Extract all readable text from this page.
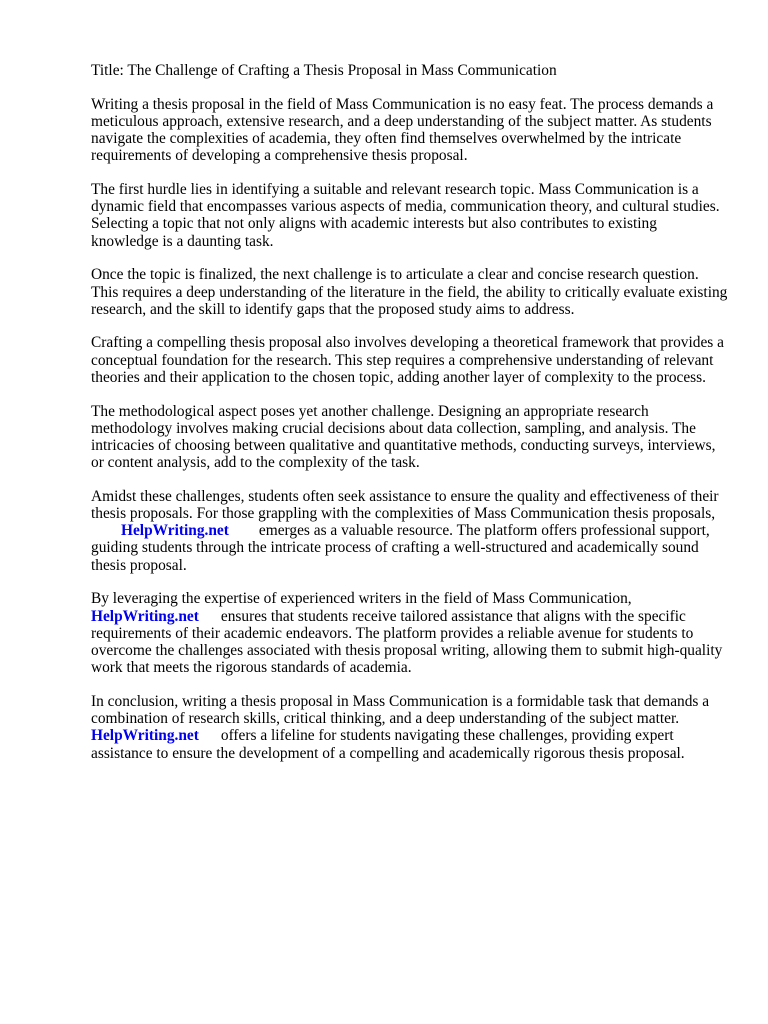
Title: The Challenge of Crafting a Thesis Proposal in Mass Communication

Writing a thesis proposal in the field of Mass Communication is no easy feat. The process demands a meticulous approach, extensive research, and a deep understanding of the subject matter. As students navigate the complexities of academia, they often find themselves overwhelmed by the intricate requirements of developing a comprehensive thesis proposal.

The first hurdle lies in identifying a suitable and relevant research topic. Mass Communication is a dynamic field that encompasses various aspects of media, communication theory, and cultural studies. Selecting a topic that not only aligns with academic interests but also contributes to existing knowledge is a daunting task.

Once the topic is finalized, the next challenge is to articulate a clear and concise research question. This requires a deep understanding of the literature in the field, the ability to critically evaluate existing research, and the skill to identify gaps that the proposed study aims to address.

Crafting a compelling thesis proposal also involves developing a theoretical framework that provides a conceptual foundation for the research. This step requires a comprehensive understanding of relevant theories and their application to the chosen topic, adding another layer of complexity to the process.

The methodological aspect poses yet another challenge. Designing an appropriate research methodology involves making crucial decisions about data collection, sampling, and analysis. The intricacies of choosing between qualitative and quantitative methods, conducting surveys, interviews, or content analysis, add to the complexity of the task.

Amidst these challenges, students often seek assistance to ensure the quality and effectiveness of their thesis proposals. For those grappling with the complexities of Mass Communication thesis proposals,HelpWriting.net emerges as a valuable resource. The platform offers professional support, guiding students through the intricate process of crafting a well-structured and academically sound thesis proposal.

By leveraging the expertise of experienced writers in the field of Mass Communication, HelpWriting.net ensures that students receive tailored assistance that aligns with the specific requirements of their academic endeavors. The platform provides a reliable avenue for students to overcome the challenges associated with thesis proposal writing, allowing them to submit high-quality work that meets the rigorous standards of academia.

In conclusion, writing a thesis proposal in Mass Communication is a formidable task that demands a combination of research skills, critical thinking, and a deep understanding of the subject matter. HelpWriting.net offers a lifeline for students navigating these challenges, providing expert assistance to ensure the development of a compelling and academically rigorous thesis proposal.
